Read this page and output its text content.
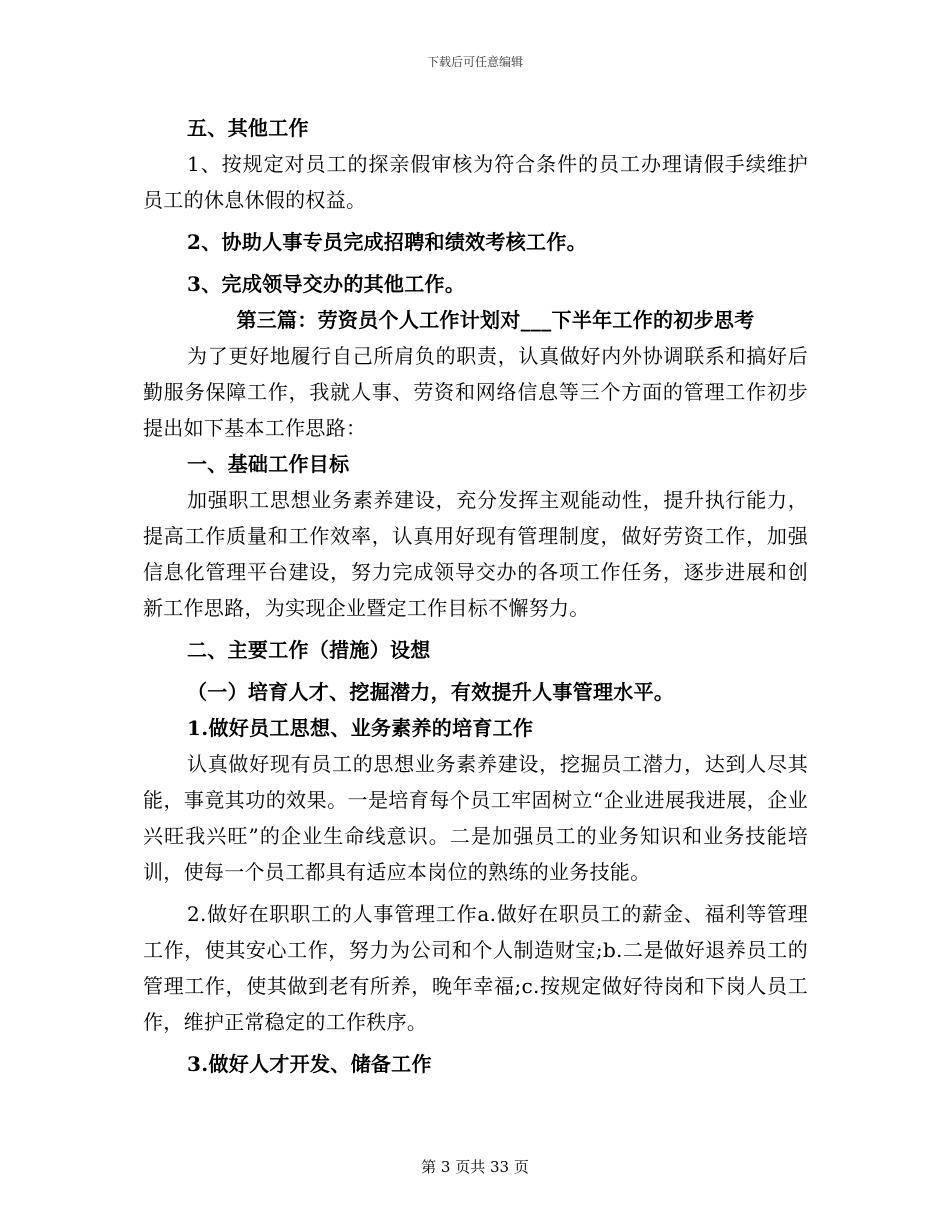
下载后可任意编辑

五、其他工作

1、按规定对员工的探亲假审核为符合条件的员工办理请假手续维护员工的休息休假的权益。

2、协助人事专员完成招聘和绩效考核工作。

3、完成领导交办的其他工作。

第三篇：劳资员个人工作计划对___下半年工作的初步思考

为了更好地履行自己所肩负的职责，认真做好内外协调联系和搞好后勤服务保障工作，我就人事、劳资和网络信息等三个方面的管理工作初步提出如下基本工作思路：

一、基础工作目标

加强职工思想业务素养建设，充分发挥主观能动性，提升执行能力，提高工作质量和工作效率，认真用好现有管理制度，做好劳资工作，加强信息化管理平台建设，努力完成领导交办的各项工作任务，逐步进展和创新工作思路，为实现企业暨定工作目标不懈努力。

二、主要工作（措施）设想

（一）培育人才、挖掘潜力，有效提升人事管理水平。

1.做好员工思想、业务素养的培育工作

认真做好现有员工的思想业务素养建设，挖掘员工潜力，达到人尽其能，事竟其功的效果。一是培育每个员工牢固树立“企业进展我进展，企业兴旺我兴旺”的企业生命线意识。二是加强员工的业务知识和业务技能培训，使每一个员工都具有适应本岗位的熟练的业务技能。

2.做好在职职工的人事管理工作a.做好在职员工的薪金、福利等管理工作，使其安心工作，努力为公司和个人制造财宝;b.二是做好退养员工的管理工作，使其做到老有所养，晚年幸福;c.按规定做好待岗和下岗人员工作，维护正常稳定的工作秩序。

3.做好人才开发、储备工作

第 3 页共 33 页
